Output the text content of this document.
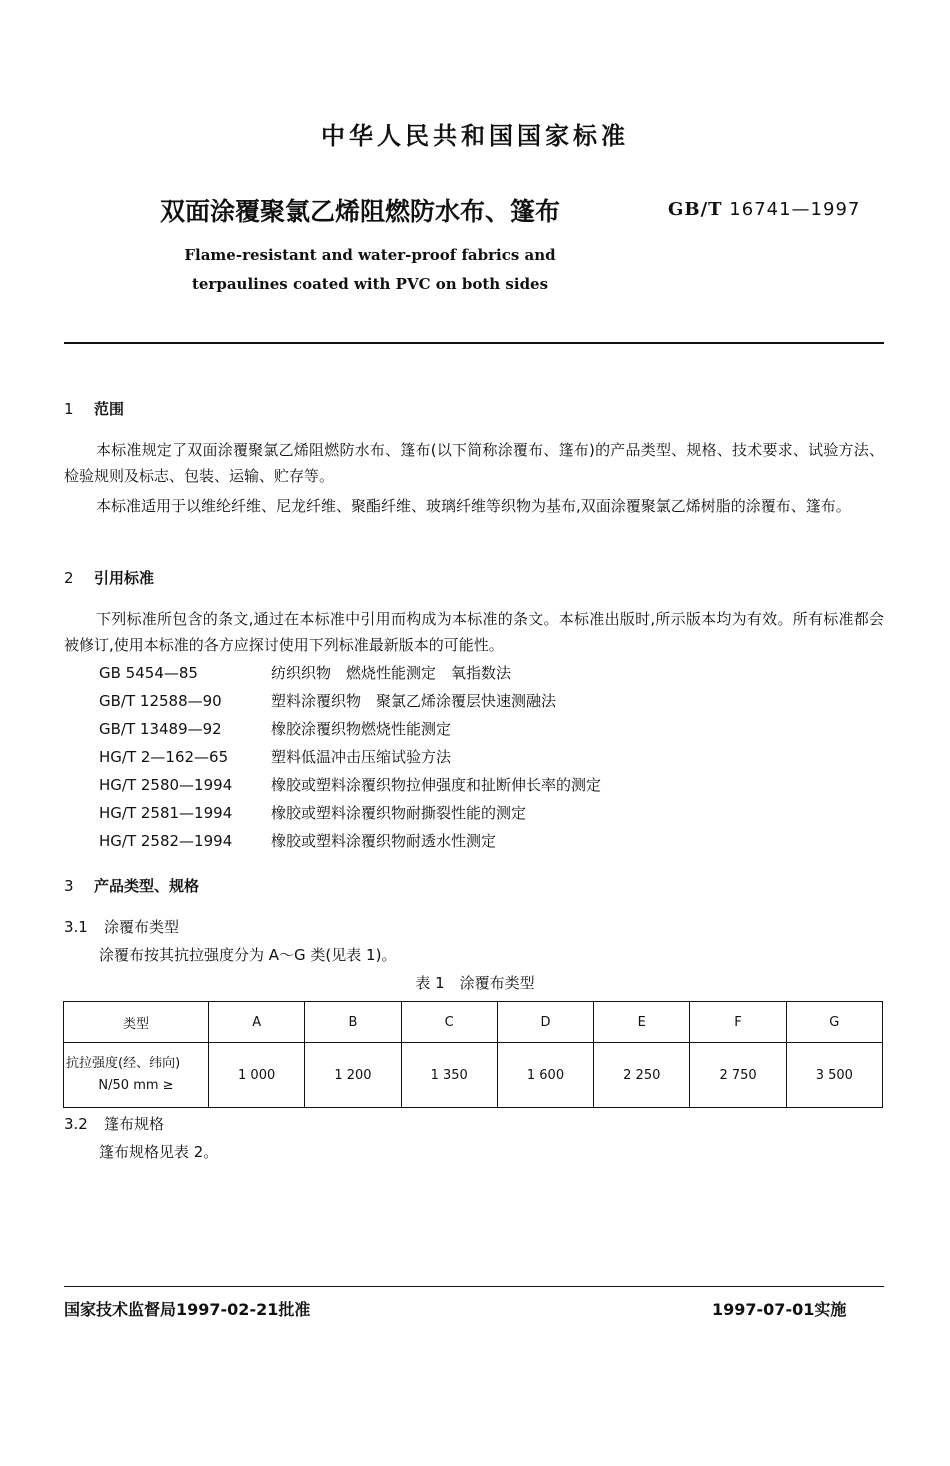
中华人民共和国国家标准
双面涂覆聚氯乙烯阻燃防水布、篷布	GB/T 16741—1997
Flame-resistant and water-proof fabrics and
terpaulines coated with PVC on both sides
1 范围
本标准规定了双面涂覆聚氯乙烯阻燃防水布、篷布(以下简称涂覆布、篷布)的产品类型、规格、技术要求、试验方法、检验规则及标志、包装、运输、贮存等。
本标准适用于以维纶纤维、尼龙纤维、聚酯纤维、玻璃纤维等织物为基布,双面涂覆聚氯乙烯树脂的涂覆布、篷布。
2 引用标准
下列标准所包含的条文,通过在本标准中引用而构成为本标准的条文。本标准出版时,所示版本均为有效。所有标准都会被修订,使用本标准的各方应探讨使用下列标准最新版本的可能性。
GB 5454—85	纺织织物　燃烧性能测定　氧指数法
GB/T 12588—90	塑料涂覆织物　聚氯乙烯涂覆层快速测融法
GB/T 13489—92	橡胶涂覆织物燃烧性能测定
HG/T 2—162—65	塑料低温冲击压缩试验方法
HG/T 2580—1994	橡胶或塑料涂覆织物拉伸强度和扯断伸长率的测定
HG/T 2581—1994	橡胶或塑料涂覆织物耐撕裂性能的测定
HG/T 2582—1994	橡胶或塑料涂覆织物耐透水性测定
3 产品类型、规格
3.1 涂覆布类型
涂覆布按其抗拉强度分为 A～G 类(见表 1)。
表 1　涂覆布类型
类型	A	B	C	D	E	F	G

抗拉强度(经、纬向)
N/50 mm ≥	1 000	1 200	1 350	1 600	2 250	2 750	3 500
3.2 篷布规格
篷布规格见表 2。
国家技术监督局1997-02-21批准	1997-07-01实施
